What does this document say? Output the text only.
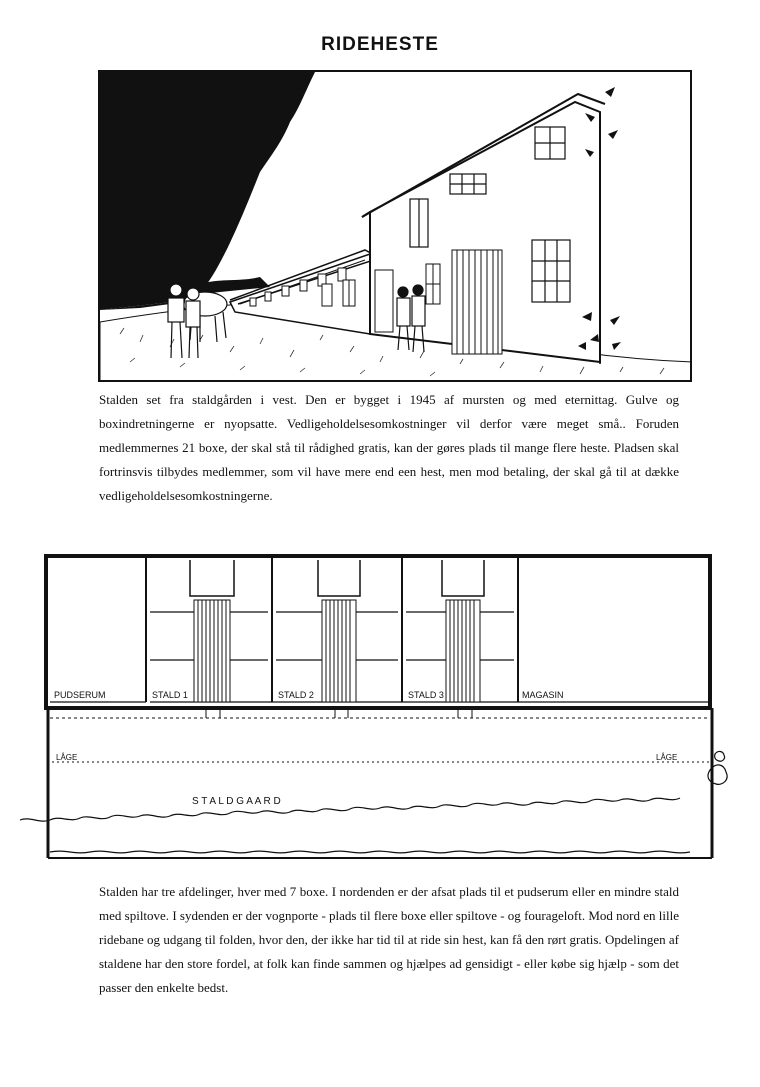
RIDEHESTE

Stalden set fra staldgården i vest. Den er bygget i 1945 af mursten og med eternittag. Gulve og boxindretningerne er nyopsatte. Vedligeholdelsesomkostninger vil derfor være meget små.. Foruden medlemmernes 21 boxe, der skal stå til rådighed gratis, kan der gøres plads til mange flere heste. Pladsen skal fortrinsvis tilbydes medlemmer, som vil have mere end een hest, men mod betaling, der skal gå til at dække vedligeholdelsesomkostningerne.

PUDSERUM	STALD 1	STALD 2	STALD 3	MAGASIN
LÅGE	LÅGE
S T A L D G A A R D

Stalden har tre afdelinger, hver med 7 boxe. I nordenden er der afsat plads til et pudserum eller en mindre stald med spiltove. I sydenden er der vognporte - plads til flere boxe eller spiltove - og fourageloft. Mod nord en lille ridebane og udgang til folden, hvor den, der ikke har tid til at ride sin hest, kan få den rørt gratis. Opdelingen af staldene har den store fordel, at folk kan finde sammen og hjælpes ad gensidigt - eller købe sig hjælp - som det passer den enkelte bedst.
